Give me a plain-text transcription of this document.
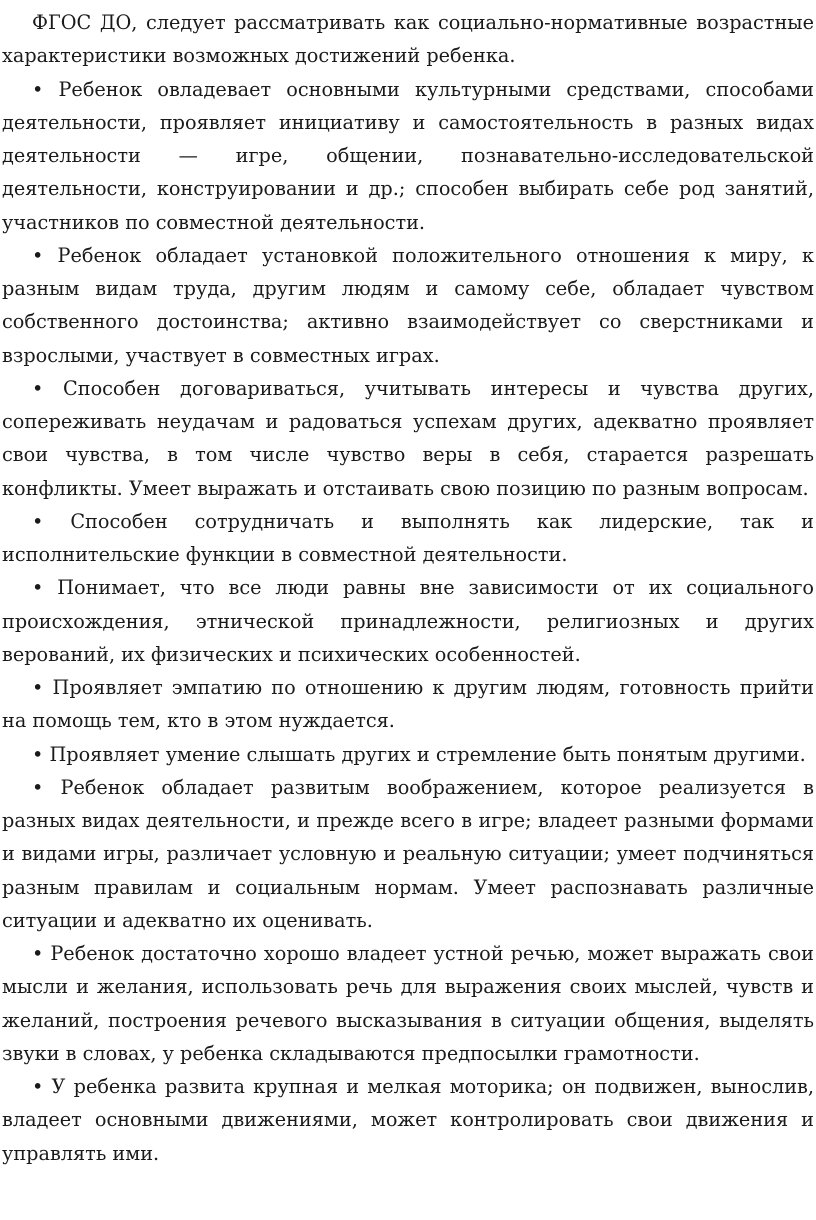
ФГОС ДО, следует рассматривать как социально-нормативные возрастные характеристики возможных достижений ребенка.

• Ребенок овладевает основными культурными средствами, способами деятельности, проявляет инициативу и самостоятельность в разных видах деятельности — игре, общении, познавательно-исследовательской деятельности, конструировании и др.; способен выбирать себе род занятий, участников по совместной деятельности.

• Ребенок обладает установкой положительного отношения к миру, к разным видам труда, другим людям и самому себе, обладает чувством собственного достоинства; активно взаимодействует со сверстниками и взрослыми, участвует в совместных играх.

• Способен договариваться, учитывать интересы и чувства других, сопереживать неудачам и радоваться успехам других, адекватно проявляет свои чувства, в том числе чувство веры в себя, старается разрешать конфликты. Умеет выражать и отстаивать свою позицию по разным вопросам.

• Способен сотрудничать и выполнять как лидерские, так и исполнительские функции в совместной деятельности.

• Понимает, что все люди равны вне зависимости от их социального происхождения, этнической принадлежности, религиозных и других верований, их физических и психических особенностей.

• Проявляет эмпатию по отношению к другим людям, готовность прийти на помощь тем, кто в этом нуждается.

• Проявляет умение слышать других и стремление быть понятым другими.

• Ребенок обладает развитым воображением, которое реализуется в разных видах деятельности, и прежде всего в игре; владеет разными формами и видами игры, различает условную и реальную ситуации; умеет подчиняться разным правилам и социальным нормам. Умеет распознавать различные ситуации и адекватно их оценивать.

• Ребенок достаточно хорошо владеет устной речью, может выражать свои мысли и желания, использовать речь для выражения своих мыслей, чувств и желаний, построения речевого высказывания в ситуации общения, выделять звуки в словах, у ребенка складываются предпосылки грамотности.

• У ребенка развита крупная и мелкая моторика; он подвижен, вынослив, владеет основными движениями, может контролировать свои движения и управлять ими.
